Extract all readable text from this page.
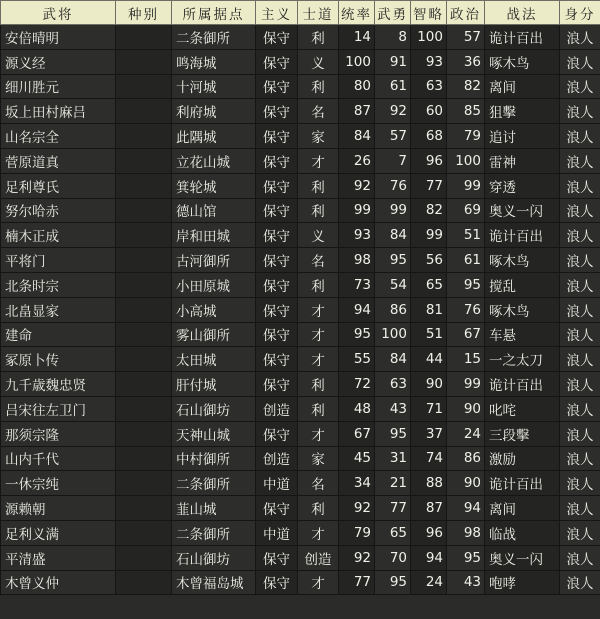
武将	种别	所属据点	主义	士道	统率	武勇	智略	政治	战法	身分
安倍晴明		二条御所	保守	利	14	8	100	57	诡计百出	浪人
源义经		鸣海城	保守	义	100	91	93	36	啄木鸟	浪人
细川胜元		十河城	保守	利	80	61	63	82	离间	浪人
坂上田村麻吕		利府城	保守	名	87	92	60	85	狙擊	浪人
山名宗全		此隅城	保守	家	84	57	68	79	追讨	浪人
菅原道真		立花山城	保守	才	26	7	96	100	雷神	浪人
足利尊氏		箕轮城	保守	利	92	76	77	99	穿透	浪人
努尔哈赤		德山馆	保守	利	99	99	82	69	奥义一闪	浪人
楠木正成		岸和田城	保守	义	93	84	99	51	诡计百出	浪人
平将门		古河御所	保守	名	98	95	56	61	啄木鸟	浪人
北条时宗		小田原城	保守	利	73	54	65	95	搅乱	浪人
北畠显家		小高城	保守	才	94	86	81	76	啄木鸟	浪人
建命		雾山御所	保守	才	95	100	51	67	车悬	浪人
冢原卜传		太田城	保守	才	55	84	44	15	一之太刀	浪人
九千歳魏忠贤		肝付城	保守	利	72	63	90	99	诡计百出	浪人
吕宋往左卫门		石山御坊	创造	利	48	43	71	90	叱咤	浪人
那须宗隆		天神山城	保守	才	67	95	37	24	三段擊	浪人
山内千代		中村御所	创造	家	45	31	74	86	激励	浪人
一休宗纯		二条御所	中道	名	34	21	88	90	诡计百出	浪人
源赖朝		韮山城	保守	利	92	77	87	94	离间	浪人
足利义满		二条御所	中道	才	79	65	96	98	临战	浪人
平清盛		石山御坊	保守	创造	92	70	94	95	奥义一闪	浪人
木曾义仲		木曾福岛城	保守	才	77	95	24	43	咆哮	浪人
